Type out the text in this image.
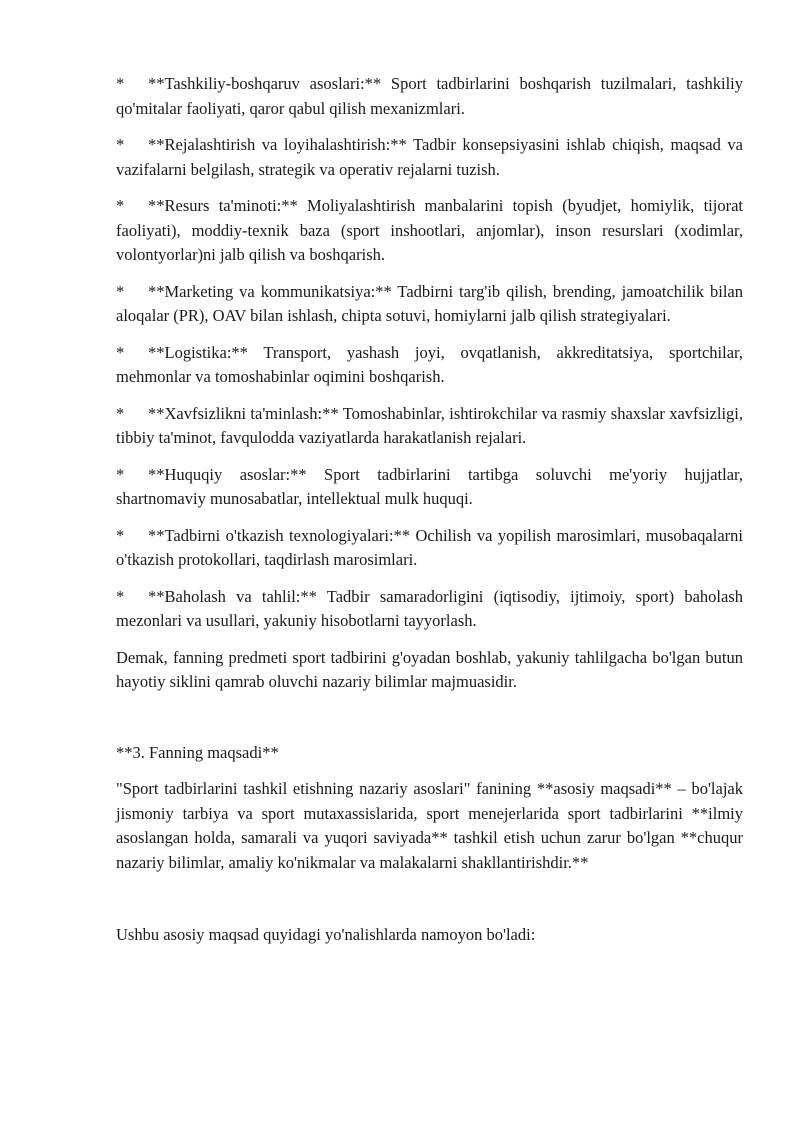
* **Tashkiliy-boshqaruv asoslari:** Sport tadbirlarini boshqarish tuzilmalari, tashkiliy qo'mitalar faoliyati, qaror qabul qilish mexanizmlari.

* **Rejalashtirish va loyihalashtirish:** Tadbir konsepsiyasini ishlab chiqish, maqsad va vazifalarni belgilash, strategik va operativ rejalarni tuzish.

* **Resurs ta'minoti:** Moliyalashtirish manbalarini topish (byudjet, homiylik, tijorat faoliyati), moddiy-texnik baza (sport inshootlari, anjomlar), inson resurslari (xodimlar, volontyorlar)ni jalb qilish va boshqarish.

* **Marketing va kommunikatsiya:** Tadbirni targ'ib qilish, brending, jamoatchilik bilan aloqalar (PR), OAV bilan ishlash, chipta sotuvi, homiylarni jalb qilish strategiyalari.

* **Logistika:** Transport, yashash joyi, ovqatlanish, akkreditatsiya, sportchilar, mehmonlar va tomoshabinlar oqimini boshqarish.

* **Xavfsizlikni ta'minlash:** Tomoshabinlar, ishtirokchilar va rasmiy shaxslar xavfsizligi, tibbiy ta'minot, favqulodda vaziyatlarda harakatlanish rejalari.

* **Huquqiy asoslar:** Sport tadbirlarini tartibga soluvchi me'yoriy hujjatlar, shartnomaviy munosabatlar, intellektual mulk huquqi.

* **Tadbirni o'tkazish texnologiyalari:** Ochilish va yopilish marosimlari, musobaqalarni o'tkazish protokollari, taqdirlash marosimlari.

* **Baholash va tahlil:** Tadbir samaradorligini (iqtisodiy, ijtimoiy, sport) baholash mezonlari va usullari, yakuniy hisobotlarni tayyorlash.

Demak, fanning predmeti sport tadbirini g'oyadan boshlab, yakuniy tahlilgacha bo'lgan butun hayotiy siklini qamrab oluvchi nazariy bilimlar majmuasidir.

**3. Fanning maqsadi**

"Sport tadbirlarini tashkil etishning nazariy asoslari" fanining **asosiy maqsadi** – bo'lajak jismoniy tarbiya va sport mutaxassislarida, sport menejerlarida sport tadbirlarini **ilmiy asoslangan holda, samarali va yuqori saviyada** tashkil etish uchun zarur bo'lgan **chuqur nazariy bilimlar, amaliy ko'nikmalar va malakalarni shakllantirishdir.**

Ushbu asosiy maqsad quyidagi yo'nalishlarda namoyon bo'ladi:
